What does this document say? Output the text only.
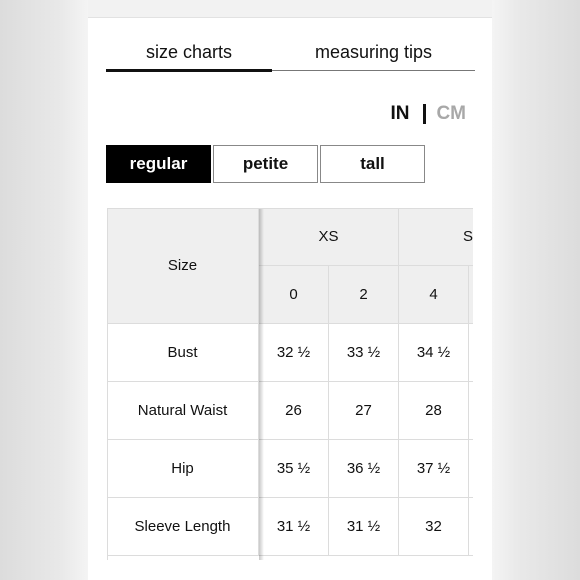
size charts	measuring tips
IN CM
regular	petite	tall
Size
XS	S
0	2	4
Bust	32 ½	33 ½	34 ½
Natural Waist	26	27	28
Hip	35 ½	36 ½	37 ½
Sleeve Length	31 ½	31 ½	32
